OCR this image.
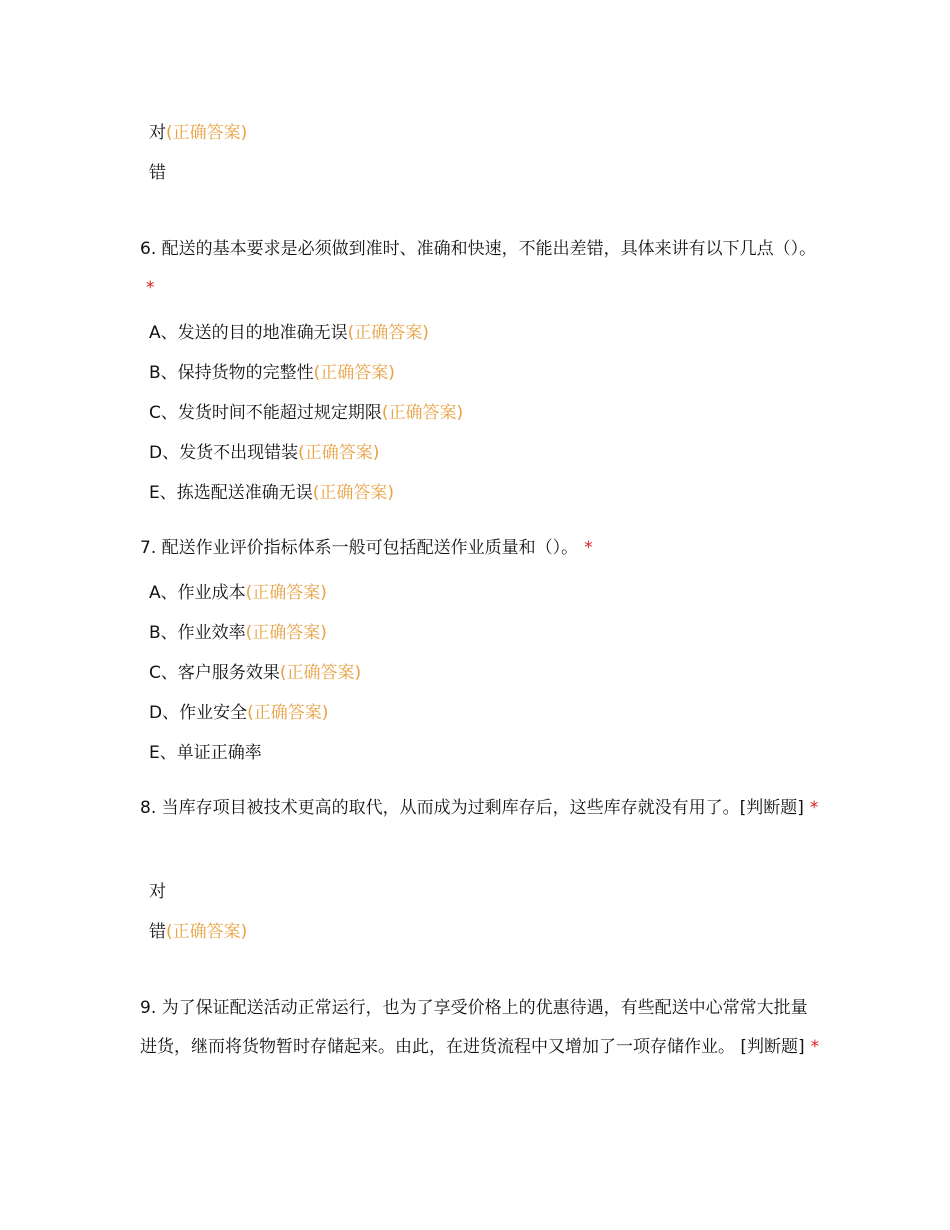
对(正确答案)
错

6. 配送的基本要求是必须做到准时、准确和快速，不能出差错，具体来讲有以下几点（）。*

A、发送的目的地准确无误(正确答案)
B、保持货物的完整性(正确答案)
C、发货时间不能超过规定期限(正确答案)
D、发货不出现错装(正确答案)
E、拣选配送准确无误(正确答案)

7. 配送作业评价指标体系一般可包括配送作业质量和（）。 *

A、作业成本(正确答案)
B、作业效率(正确答案)
C、客户服务效果(正确答案)
D、作业安全(正确答案)
E、单证正确率

8. 当库存项目被技术更高的取代，从而成为过剩库存后，这些库存就没有用了。[判断题] *

对
错(正确答案)

9. 为了保证配送活动正常运行，也为了享受价格上的优惠待遇，有些配送中心常常大批量进货，继而将货物暂时存储起来。由此，在进货流程中又增加了一项存储作业。 [判断题] *
